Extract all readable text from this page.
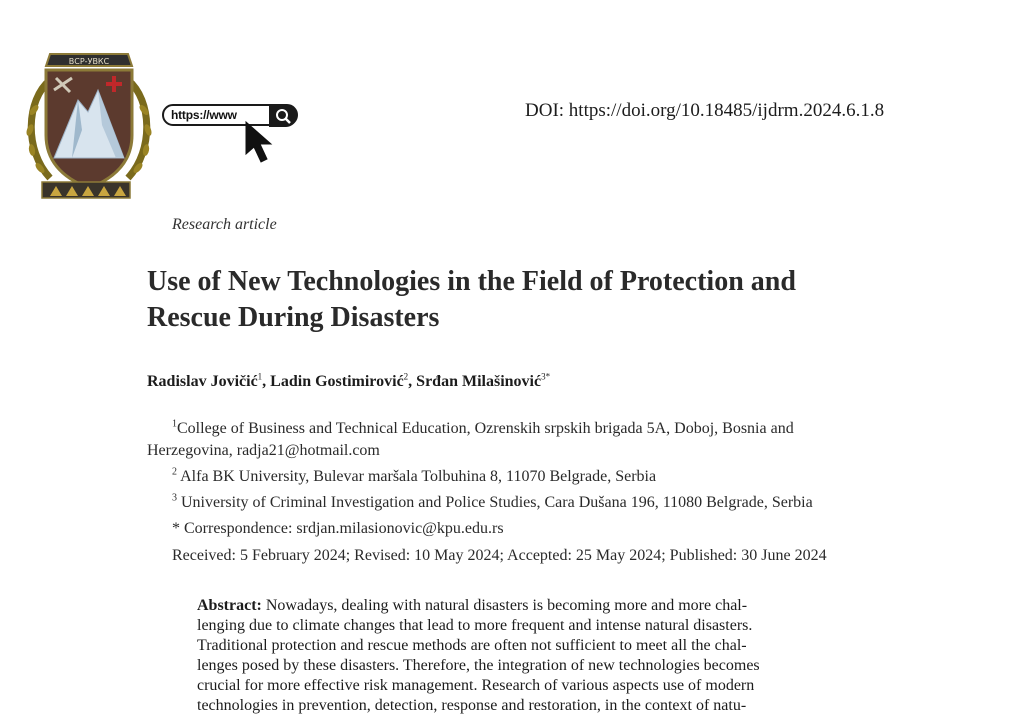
ВСР-УВКС
https://www	DOI: https://doi.org/10.18485/ijdrm.2024.6.1.8
Research article
Use of New Technologies in the Field of Protection and
Rescue During Disasters
Radislav Jovičić$^1$, Ladin Gostimirović$^2$, Srđan Milašinović$^{3*}$
$^1$College of Business and Technical Education, Ozrenskih srpskih brigada 5A, Doboj, Bosnia and
Herzegovina, radja21@hotmail.com
$^2$ Alfa BK University, Bulevar maršala Tolbuhina 8, 11070 Belgrade, Serbia
$^3$ University of Criminal Investigation and Police Studies, Cara Dušana 196, 11080 Belgrade, Serbia
* Correspondence: srdjan.milasionovic@kpu.edu.rs
Received: 5 February 2024; Revised: 10 May 2024; Accepted: 25 May 2024; Published: 30 June 2024
Abstract: Nowadays, dealing with natural disasters is becoming more and more chal-
lenging due to climate changes that lead to more frequent and intense natural disasters.
Traditional protection and rescue methods are often not sufficient to meet all the chal-
lenges posed by these disasters. Therefore, the integration of new technologies becomes
crucial for more effective risk management. Research of various aspects use of modern
technologies in prevention, detection, response and restoration, in the context of natu-
